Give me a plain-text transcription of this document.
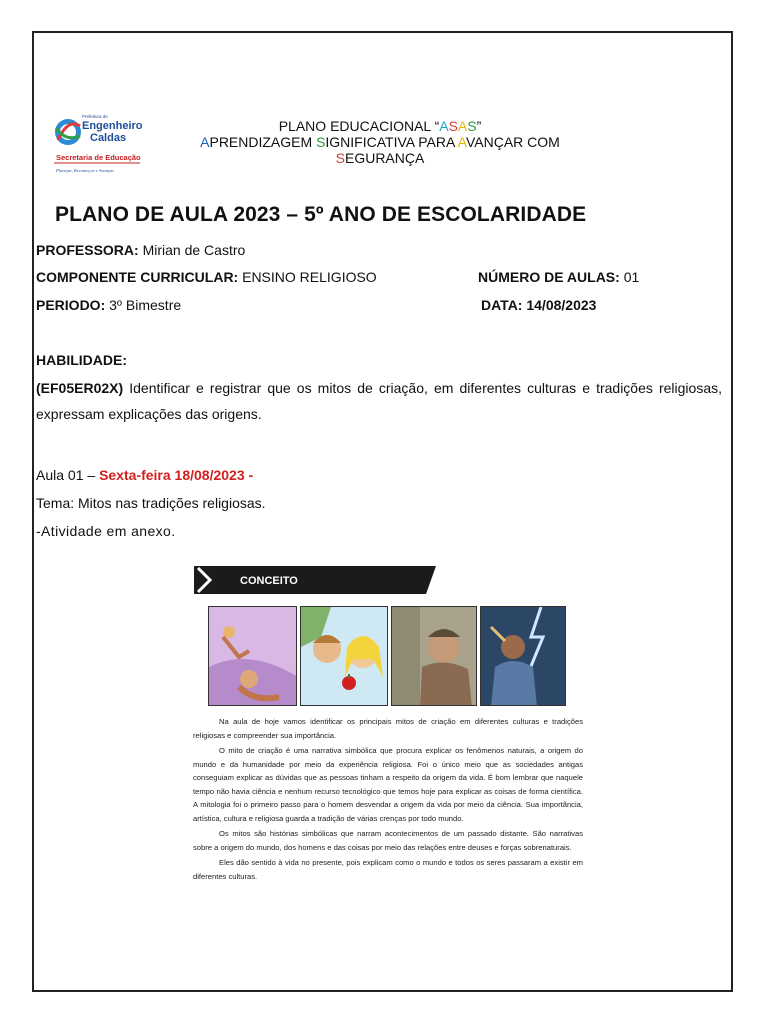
Prefeitura de
Engenheiro
Caldas
Secretaria de Educação
Planejar, Recomeçar e Avançar.
PLANO EDUCACIONAL “ASAS”
APRENDIZAGEM SIGNIFICATIVA PARA AVANÇAR COM
SEGURANÇA
PLANO DE AULA 2023 – 5º ANO DE ESCOLARIDADE
PROFESSORA: Mirian de Castro
COMPONENTE CURRICULAR: ENSINO RELIGIOSO	NÚMERO DE AULAS: 01
PERIODO: 3º Bimestre	DATA: 14/08/2023
HABILIDADE:
(EF05ER02X) Identificar e registrar que os mitos de criação, em diferentes culturas e tradições religiosas, expressam explicações das origens.
Aula 01 – Sexta-feira 18/08/2023 -
Tema: Mitos nas tradições religiosas.
-Atividade em anexo.
CONCEITO

Na aula de hoje vamos identificar os principais mitos de criação em diferentes culturas e tradições religiosas e compreender sua importância.

O mito de criação é uma narrativa simbólica que procura explicar os fenômenos naturais, a origem do mundo e da humanidade por meio da experiência religiosa. Foi o único meio que as sociedades antigas conseguiam explicar as dúvidas que as pessoas tinham a respeito da origem da vida. É bom lembrar que naquele tempo não havia ciência e nenhum recurso tecnológico que temos hoje para explicar as coisas de forma científica. A mitologia foi o primeiro passo para o homem desvendar a origem da vida por meio da ciência. Sua importância, artística, cultura e religiosa guarda a tradição de várias crenças por todo mundo.

Os mitos são histórias simbólicas que narram acontecimentos de um passado distante. São narrativas sobre a origem do mundo, dos homens e das coisas por meio das relações entre deuses e forças sobrenaturais.

Eles dão sentido à vida no presente, pois explicam como o mundo e todos os seres passaram a existir em diferentes culturas.
